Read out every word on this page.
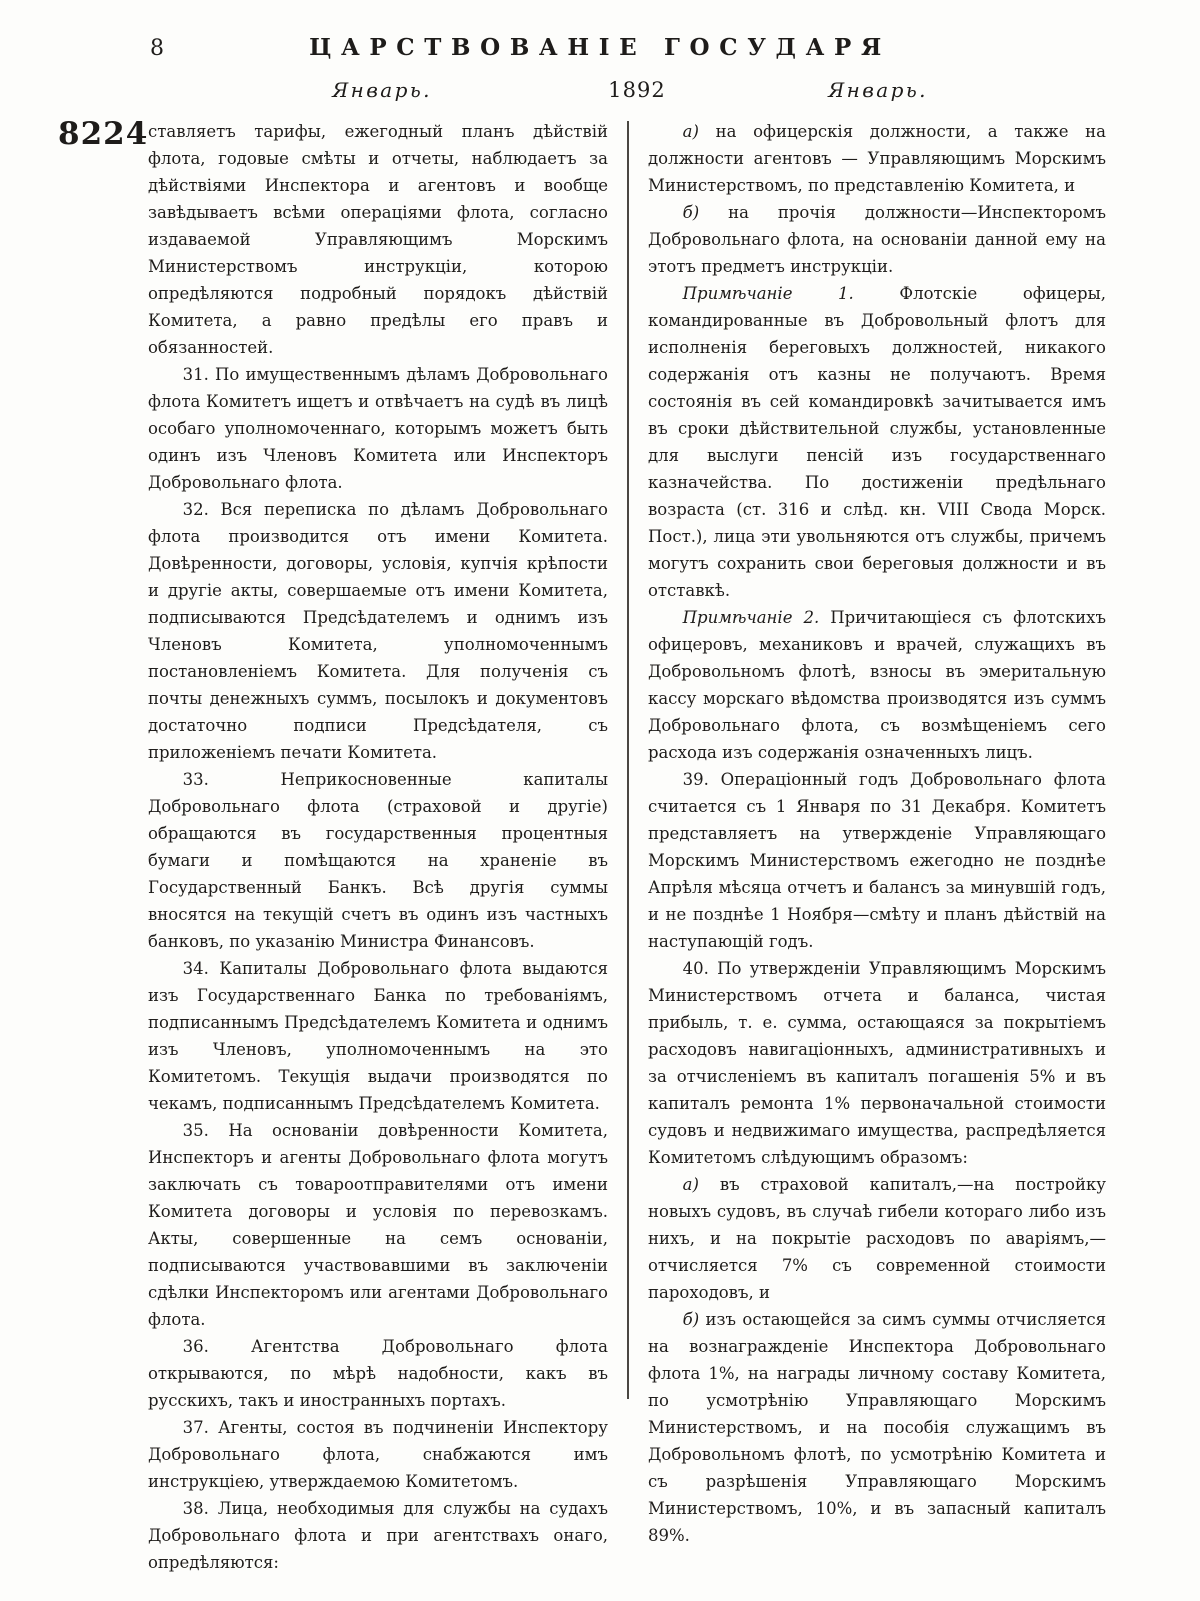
8	ЦАРСТВОВАНІЕ ГОСУДАРЯ
Январь.	1892	Январь.
8224 ставляетъ тарифы, ежегодный планъ дѣйствій флота, годовые смѣты и отчеты, наблюдаетъ за дѣйствіями Инспектора и агентовъ и вообще завѣдываетъ всѣми операціями флота, согласно издаваемой Управляющимъ Морскимъ Министерствомъ инструкціи, которою опредѣляются подробный порядокъ дѣйствій Комитета, а равно предѣлы его правъ и обязанностей.

31. По имущественнымъ дѣламъ Добровольнаго флота Комитетъ ищетъ и отвѣчаетъ на судѣ въ лицѣ особаго уполномоченнаго, которымъ можетъ быть одинъ изъ Членовъ Комитета или Инспекторъ Добровольнаго флота.

32. Вся переписка по дѣламъ Добровольнаго флота производится отъ имени Комитета. Довѣренности, договоры, условія, купчія крѣпости и другіе акты, совершаемые отъ имени Комитета, подписываются Предсѣдателемъ и однимъ изъ Членовъ Комитета, уполномоченнымъ постановленіемъ Комитета. Для полученія съ почты денежныхъ суммъ, посылокъ и документовъ достаточно подписи Предсѣдателя, съ приложеніемъ печати Комитета.

33. Неприкосновенные капиталы Добровольнаго флота (страховой и другіе) обращаются въ государственныя процентныя бумаги и помѣщаются на храненіе въ Государственный Банкъ. Всѣ другія суммы вносятся на текущій счетъ въ одинъ изъ частныхъ банковъ, по указанію Министра Финансовъ.

34. Капиталы Добровольнаго флота выдаются изъ Государственнаго Банка по требованіямъ, подписаннымъ Предсѣдателемъ Комитета и однимъ изъ Членовъ, уполномоченнымъ на это Комитетомъ. Текущія выдачи производятся по чекамъ, подписаннымъ Предсѣдателемъ Комитета.

35. На основаніи довѣренности Комитета, Инспекторъ и агенты Добровольнаго флота могутъ заключать съ товароотправителями отъ имени Комитета договоры и условія по перевозкамъ. Акты, совершенные на семъ основаніи, подписываются участвовавшими въ заключеніи сдѣлки Инспекторомъ или агентами Добровольнаго флота.

36. Агентства Добровольнаго флота открываются, по мѣрѣ надобности, какъ въ русскихъ, такъ и иностранныхъ портахъ.

37. Агенты, состоя въ подчиненіи Инспектору Добровольнаго флота, снабжаются имъ инструкціею, утверждаемою Комитетомъ.

38. Лица, необходимыя для службы на судахъ Добровольнаго флота и при агентствахъ онаго, опредѣляются:

а) на офицерскія должности, а также на должности агентовъ — Управляющимъ Морскимъ Министерствомъ, по представленію Комитета, и

б) на прочія должности—Инспекторомъ Добровольнаго флота, на основаніи данной ему на этотъ предметъ инструкціи.

Примѣчаніе 1.	Флотскіе офицеры, командированные въ Добровольный флотъ для исполненія береговыхъ должностей, никакого содержанія отъ казны не получаютъ. Время состоянія въ сей командировкѣ зачитывается имъ въ сроки дѣйствительной службы, установленные для выслуги пенсій изъ государственнаго казначейства. По достиженіи предѣльнаго возраста (ст. 316 и слѣд. кн. VIII Свода Морск. Пост.), лица эти увольняются отъ службы, причемъ могутъ сохранить свои береговыя должности и въ отставкѣ.

Примѣчаніе 2. Причитающіеся съ флотскихъ офицеровъ, механиковъ и врачей, служащихъ въ Добровольномъ флотѣ, взносы въ эмеритальную кассу морскаго вѣдомства производятся изъ суммъ Добровольнаго флота, съ возмѣщеніемъ сего расхода изъ содержанія означенныхъ лицъ.

39. Операціонный годъ Добровольнаго флота считается съ 1 Января по 31 Декабря. Комитетъ представляетъ на утвержденіе Управляющаго Морскимъ Министерствомъ ежегодно не позднѣе Апрѣля мѣсяца отчетъ и балансъ за минувшій годъ, и не позднѣе 1 Ноября—смѣту и планъ дѣйствій на наступающій годъ.

40. По утвержденіи Управляющимъ Морскимъ Министерствомъ отчета и баланса, чистая прибыль, т. е. сумма, остающаяся за покрытіемъ расходовъ навигаціонныхъ, административныхъ и за отчисленіемъ въ капиталъ погашенія 5% и въ капиталъ ремонта 1% первоначальной стоимости судовъ и недвижимаго имущества, распредѣляется Комитетомъ слѣдующимъ образомъ:

а) въ страховой капиталъ,—на постройку новыхъ судовъ, въ случаѣ гибели котораго либо изъ нихъ, и на покрытіе расходовъ по аваріямъ,—отчисляется 7% съ современной стоимости пароходовъ, и

б) изъ остающейся за симъ суммы отчисляется на вознагражденіе Инспектора Добровольнаго флота 1%, на награды личному составу Комитета, по усмотрѣнію Управляющаго Морскимъ Министерствомъ, и на пособія служащимъ въ Добровольномъ флотѣ, по усмотрѣнію Комитета и съ разрѣшенія Управляющаго Морскимъ Министерствомъ, 10%, и въ запасный капиталъ 89%.
